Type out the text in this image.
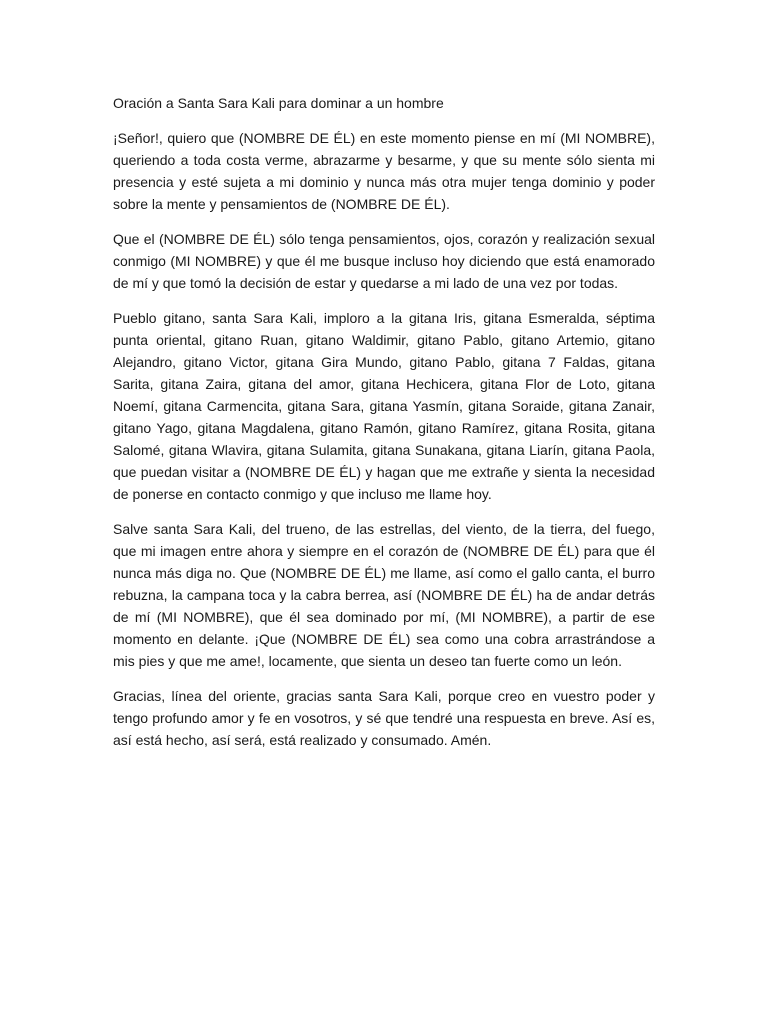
Oración a Santa Sara Kali para dominar a un hombre

¡Señor!, quiero que (NOMBRE DE ÉL) en este momento piense en mí (MI NOMBRE), queriendo a toda costa verme, abrazarme y besarme, y que su mente sólo sienta mi presencia y esté sujeta a mi dominio y nunca más otra mujer tenga dominio y poder sobre la mente y pensamientos de (NOMBRE DE ÉL).

Que el (NOMBRE DE ÉL) sólo tenga pensamientos, ojos, corazón y realización sexual conmigo (MI NOMBRE) y que él me busque incluso hoy diciendo que está enamorado de mí y que tomó la decisión de estar y quedarse a mi lado de una vez por todas.

Pueblo gitano, santa Sara Kali, imploro a la gitana Iris, gitana Esmeralda, séptima punta oriental, gitano Ruan, gitano Waldimir, gitano Pablo, gitano Artemio, gitano Alejandro, gitano Victor, gitana Gira Mundo, gitano Pablo, gitana 7 Faldas, gitana Sarita, gitana Zaira, gitana del amor, gitana Hechicera, gitana Flor de Loto, gitana Noemí, gitana Carmencita, gitana Sara, gitana Yasmín, gitana Soraide, gitana Zanair, gitano Yago, gitana Magdalena, gitano Ramón, gitano Ramírez, gitana Rosita, gitana Salomé, gitana Wlavira, gitana Sulamita, gitana Sunakana, gitana Liarín, gitana Paola, que puedan visitar a (NOMBRE DE ÉL) y hagan que me extrañe y sienta la necesidad de ponerse en contacto conmigo y que incluso me llame hoy.

Salve santa Sara Kali, del trueno, de las estrellas, del viento, de la tierra, del fuego, que mi imagen entre ahora y siempre en el corazón de (NOMBRE DE ÉL) para que él nunca más diga no. Que (NOMBRE DE ÉL) me llame, así como el gallo canta, el burro rebuzna, la campana toca y la cabra berrea, así (NOMBRE DE ÉL) ha de andar detrás de mí (MI NOMBRE), que él sea dominado por mí, (MI NOMBRE), a partir de ese momento en delante. ¡Que (NOMBRE DE ÉL) sea como una cobra arrastrándose a mis pies y que me ame!, locamente, que sienta un deseo tan fuerte como un león.

Gracias, línea del oriente, gracias santa Sara Kali, porque creo en vuestro poder y tengo profundo amor y fe en vosotros, y sé que tendré una respuesta en breve. Así es, así está hecho, así será, está realizado y consumado. Amén.
